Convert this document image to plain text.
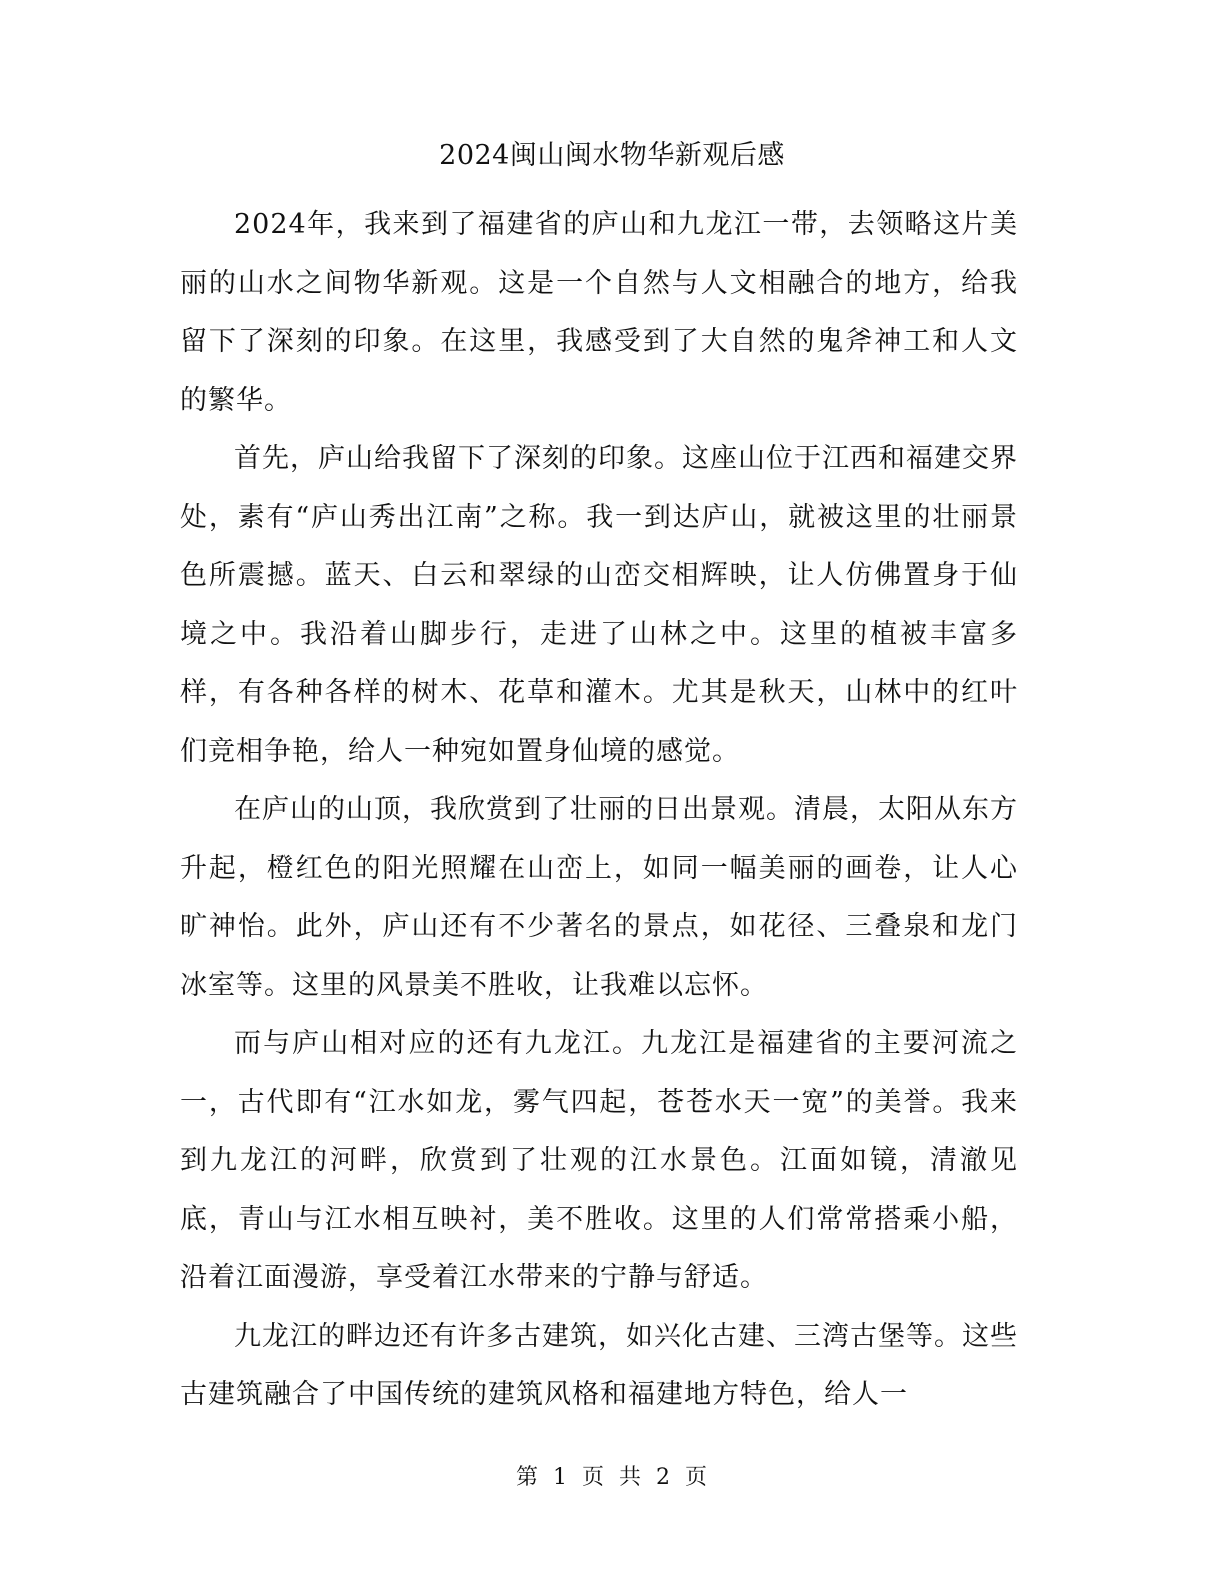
2024闽山闽水物华新观后感

2024年，我来到了福建省的庐山和九龙江一带，去领略这片美丽的山水之间物华新观。这是一个自然与人文相融合的地方，给我留下了深刻的印象。在这里，我感受到了大自然的鬼斧神工和人文的繁华。

首先，庐山给我留下了深刻的印象。这座山位于江西和福建交界处，素有“庐山秀出江南”之称。我一到达庐山，就被这里的壮丽景色所震撼。蓝天、白云和翠绿的山峦交相辉映，让人仿佛置身于仙境之中。我沿着山脚步行，走进了山林之中。这里的植被丰富多样，有各种各样的树木、花草和灌木。尤其是秋天，山林中的红叶们竞相争艳，给人一种宛如置身仙境的感觉。

在庐山的山顶，我欣赏到了壮丽的日出景观。清晨，太阳从东方升起，橙红色的阳光照耀在山峦上，如同一幅美丽的画卷，让人心旷神怡。此外，庐山还有不少著名的景点，如花径、三叠泉和龙门冰室等。这里的风景美不胜收，让我难以忘怀。

而与庐山相对应的还有九龙江。九龙江是福建省的主要河流之一，古代即有“江水如龙，雾气四起，苍苍水天一宽”的美誉。我来到九龙江的河畔，欣赏到了壮观的江水景色。江面如镜，清澈见底，青山与江水相互映衬，美不胜收。这里的人们常常搭乘小船，沿着江面漫游，享受着江水带来的宁静与舒适。

九龙江的畔边还有许多古建筑，如兴化古建、三湾古堡等。这些古建筑融合了中国传统的建筑风格和福建地方特色，给人一

第 1 页 共 2 页
